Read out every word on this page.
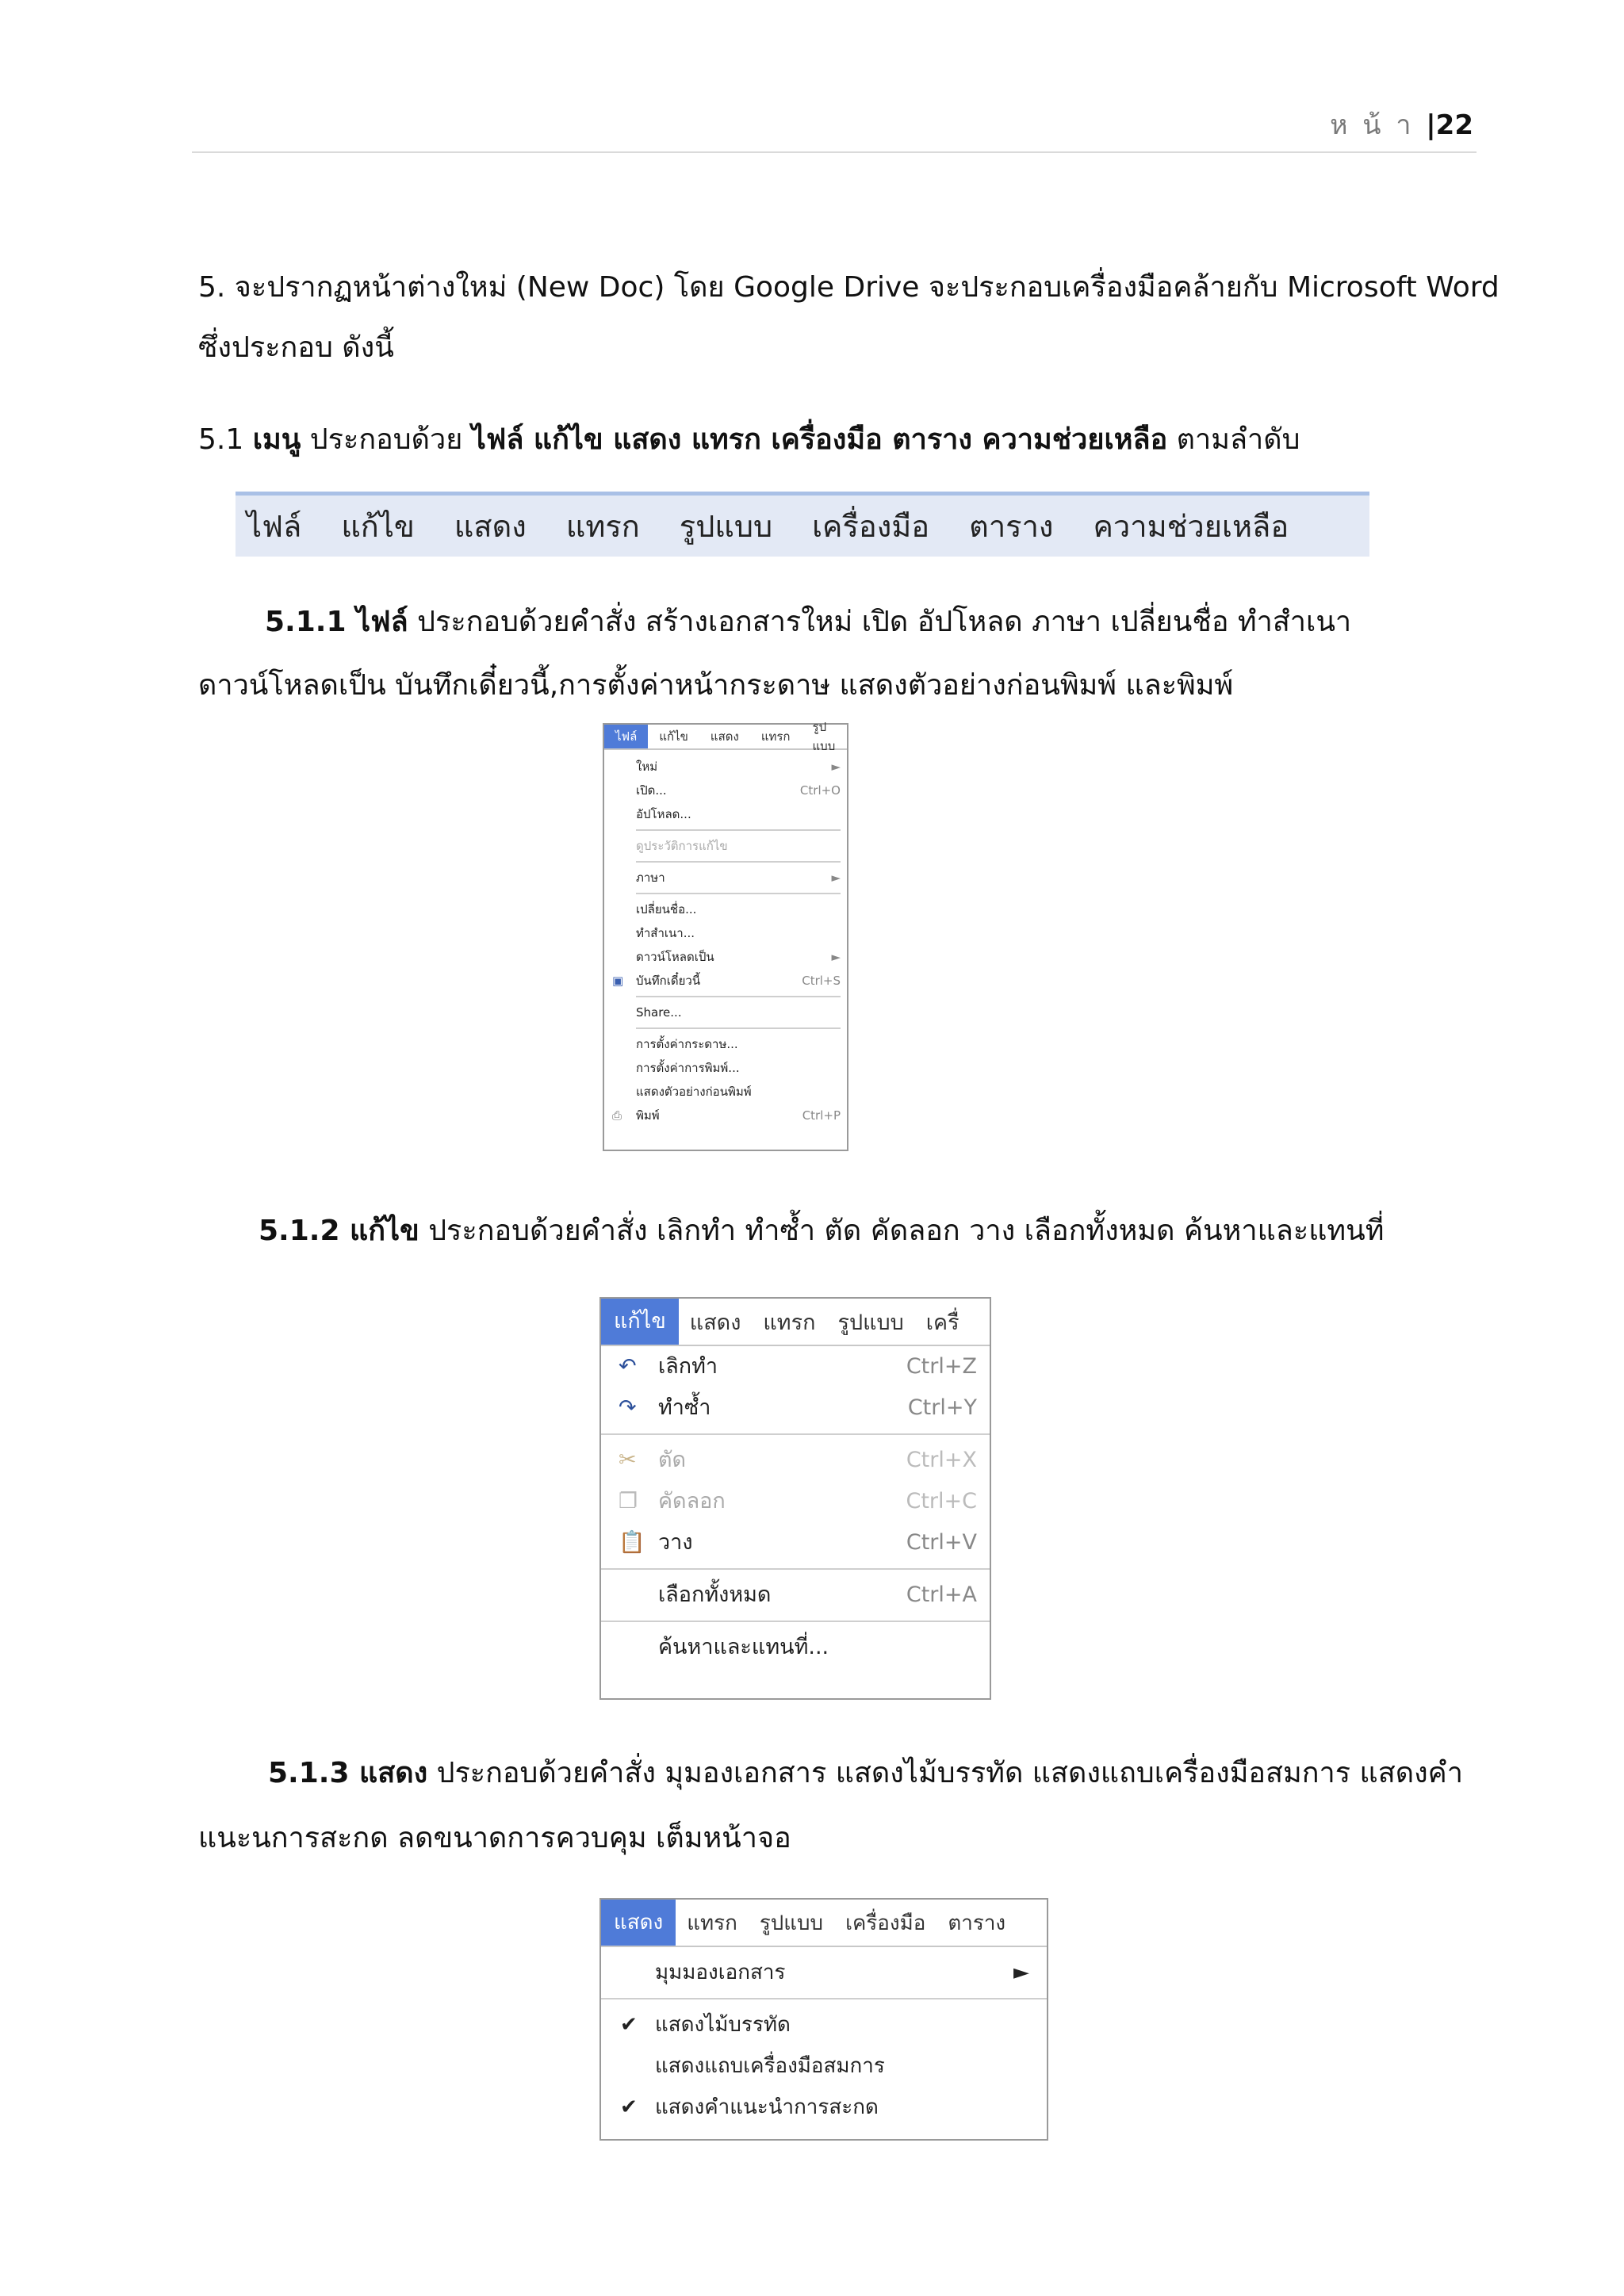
ห น้ า |22
5. จะปรากฏหน้าต่างใหม่ (New Doc) โดย Google Drive จะประกอบเครื่องมือคล้ายกับ Microsoft Word
ซึ่งประกอบ ดังนี้
5.1 เมนู ประกอบด้วย ไฟล์ แก้ไข แสดง แทรก เครื่องมือ ตาราง ความช่วยเหลือ ตามลำดับ
ไฟล์ แก้ไข แสดง แทรก รูปแบบ เครื่องมือ ตาราง ความช่วยเหลือ
5.1.1 ไฟล์ ประกอบด้วยคำสั่ง สร้างเอกสารใหม่ เปิด อัปโหลด ภาษา เปลี่ยนชื่อ ทำสำเนา
ดาวน์โหลดเป็น บันทึกเดี๋ยวนี้,การตั้งค่าหน้ากระดาษ แสดงตัวอย่างก่อนพิมพ์ และพิมพ์
ไฟล์	แก้ไข	แสดง	แทรก
รูปแบบ
ใหม่	►
เปิด...	Ctrl+O
อัปโหลด...
ดูประวัติการแก้ไข
ภาษา	►
เปลี่ยนชื่อ...
ทำสำเนา...
ดาวน์โหลดเป็น	►
▣ บันทึกเดี๋ยวนี้	Ctrl+S
Share...
การตั้งค่ากระดาษ...
การตั้งค่าการพิมพ์...
แสดงตัวอย่างก่อนพิมพ์
⎙ พิมพ์	Ctrl+P
5.1.2 แก้ไข ประกอบด้วยคำสั่ง เลิกทำ ทำซ้ำ ตัด คัดลอก วาง เลือกทั้งหมด ค้นหาและแทนที่
แก้ไข	แสดง	แทรก	รูปแบบ	เครื่
↶ เลิกทำ	Ctrl+Z
↷ ทำซ้ำ	Ctrl+Y
✂ ตัด	Ctrl+X
❐ คัดลอก	Ctrl+C
📋 วาง	Ctrl+V
เลือกทั้งหมด	Ctrl+A
ค้นหาและแทนที่...
5.1.3 แสดง ประกอบด้วยคำสั่ง มุมองเอกสาร แสดงไม้บรรทัด แสดงแถบเครื่องมือสมการ แสดงคำ
แนะนการสะกด ลดขนาดการควบคุม เต็มหน้าจอ
แสดง	แทรก	รูปแบบ	เครื่องมือ	ตาราง
มุมมองเอกสาร	►
✔ แสดงไม้บรรทัด
แสดงแถบเครื่องมือสมการ
✔ แสดงคำแนะนำการสะกด
